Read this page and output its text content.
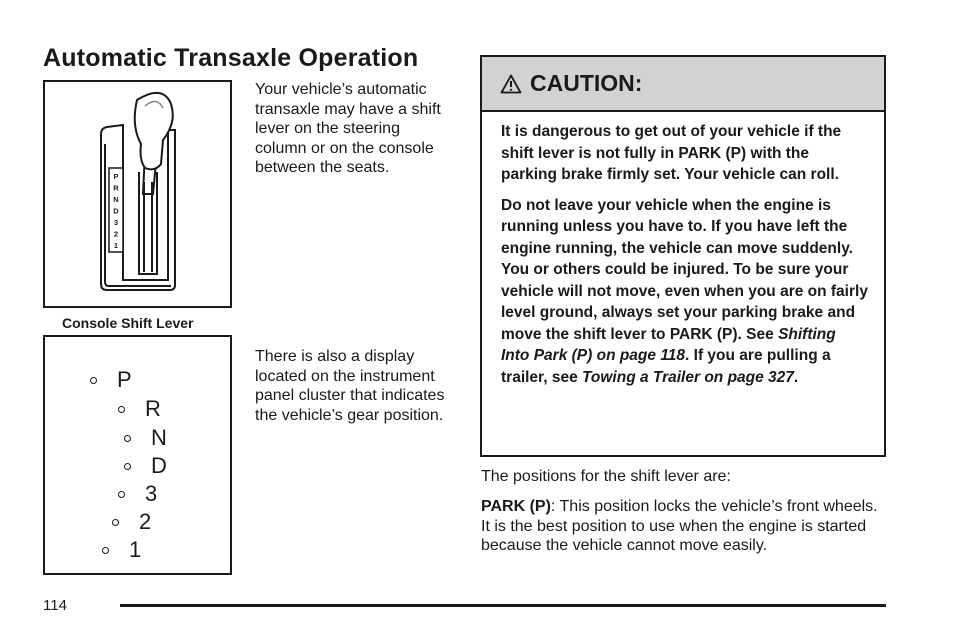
Automatic Transaxle Operation
P
R
N
D
3
2
1
Console Shift Lever
P
R
N
D
3
2
1
Your vehicle’s automatic transaxle may have a shift lever on the steering column or on the console between the seats.
There is also a display located on the instrument panel cluster that indicates the vehicle’s gear position.
CAUTION:

It is dangerous to get out of your vehicle if the shift lever is not fully in PARK (P) with the parking brake firmly set. Your vehicle can roll.

Do not leave your vehicle when the engine is running unless you have to. If you have left the engine running, the vehicle can move suddenly. You or others could be injured. To be sure your vehicle will not move, even when you are on fairly level ground, always set your parking brake and move the shift lever to PARK (P). See Shifting Into Park (P) on page 118. If you are pulling a trailer, see Towing a Trailer on page 327.

The positions for the shift lever are:
PARK (P): This position locks the vehicle’s front wheels. It is the best position to use when the engine is started because the vehicle cannot move easily.
114
